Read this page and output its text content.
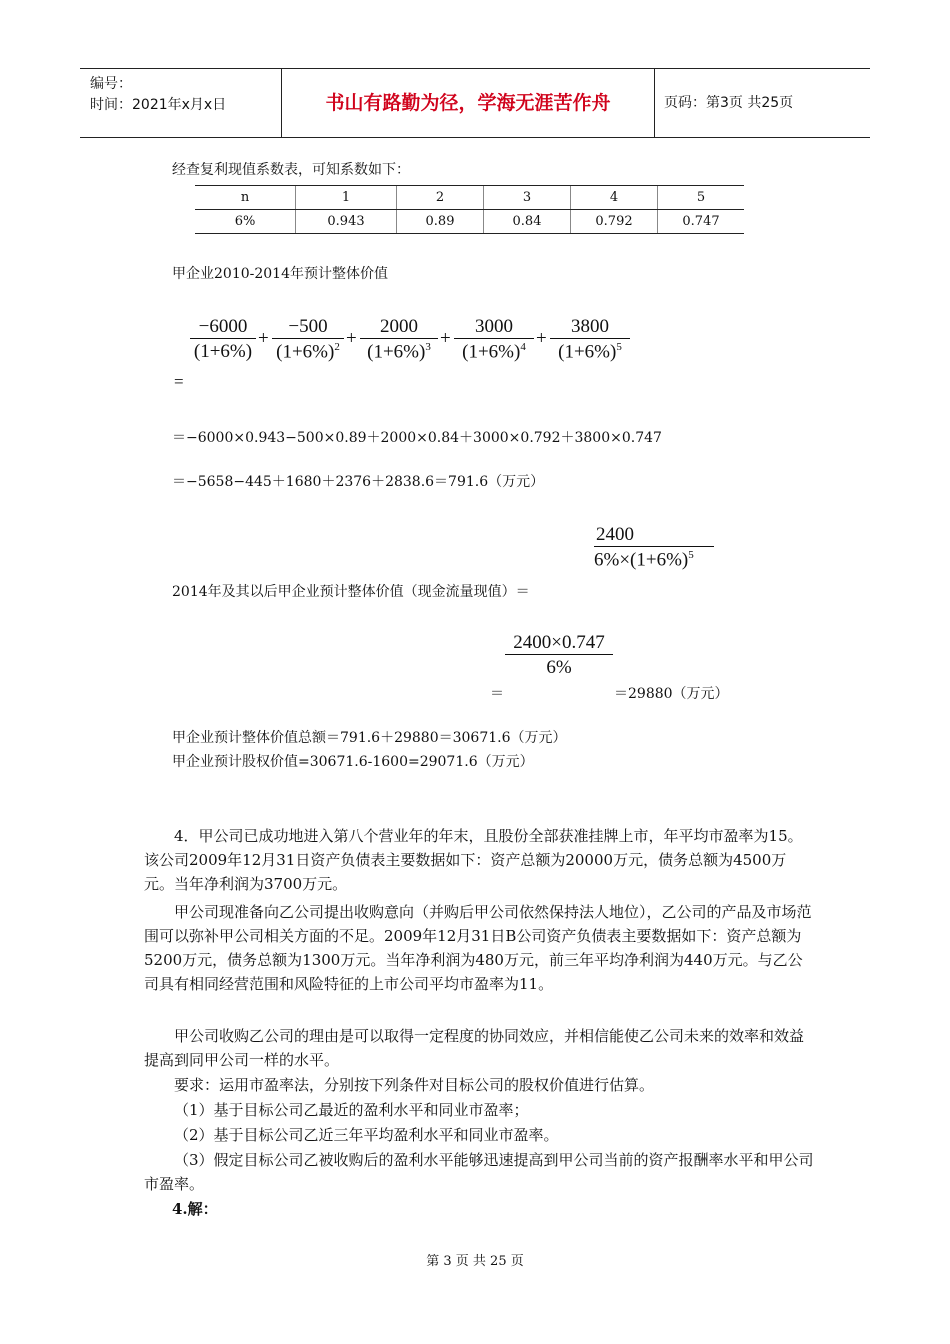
编号：
时间：2021年x月x日	书山有路勤为径，学海无涯苦作舟	页码：第3页 共25页
经查复利现值系数表，可知系数如下：
n	1	2	3	4	5
6%	0.943	0.89	0.84	0.792	0.747
甲企业2010-2014年预计整体价值
$\frac{-6000}{(1+6\%)} + \frac{-500}{(1+6\%)^2} + \frac{2000}{(1+6\%)^3} + \frac{3000}{(1+6\%)^4} + \frac{3800}{(1+6\%)^5}$
=
＝−6000×0.943−500×0.89＋2000×0.84＋3000×0.792＋3800×0.747
＝−5658−445＋1680＋2376＋2838.6＝791.6（万元）
$\frac{2400}{6\%\times(1+6\%)^5}$
2014年及其以后甲企业预计整体价值（现金流量现值）＝
$\frac{2400\times 0.747}{6\%}$
＝	＝29880（万元）
甲企业预计整体价值总额＝791.6＋29880＝30671.6（万元）
甲企业预计股权价值=30671.6-1600=29071.6（万元）
4．甲公司已成功地进入第八个营业年的年末，且股份全部获准挂牌上市，年平均市盈率为15。该公司2009年12月31日资产负债表主要数据如下：资产总额为20000万元，债务总额为4500万元。当年净利润为3700万元。
甲公司现准备向乙公司提出收购意向（并购后甲公司依然保持法人地位），乙公司的产品及市场范围可以弥补甲公司相关方面的不足。2009年12月31日B公司资产负债表主要数据如下：资产总额为5200万元，债务总额为1300万元。当年净利润为480万元，前三年平均净利润为440万元。与乙公司具有相同经营范围和风险特征的上市公司平均市盈率为11。
甲公司收购乙公司的理由是可以取得一定程度的协同效应，并相信能使乙公司未来的效率和效益提高到同甲公司一样的水平。
要求：运用市盈率法，分别按下列条件对目标公司的股权价值进行估算。
（1）基于目标公司乙最近的盈利水平和同业市盈率；
（2）基于目标公司乙近三年平均盈利水平和同业市盈率。
（3）假定目标公司乙被收购后的盈利水平能够迅速提高到甲公司当前的资产报酬率水平和甲公司市盈率。
4.解：
第 3 页 共 25 页
